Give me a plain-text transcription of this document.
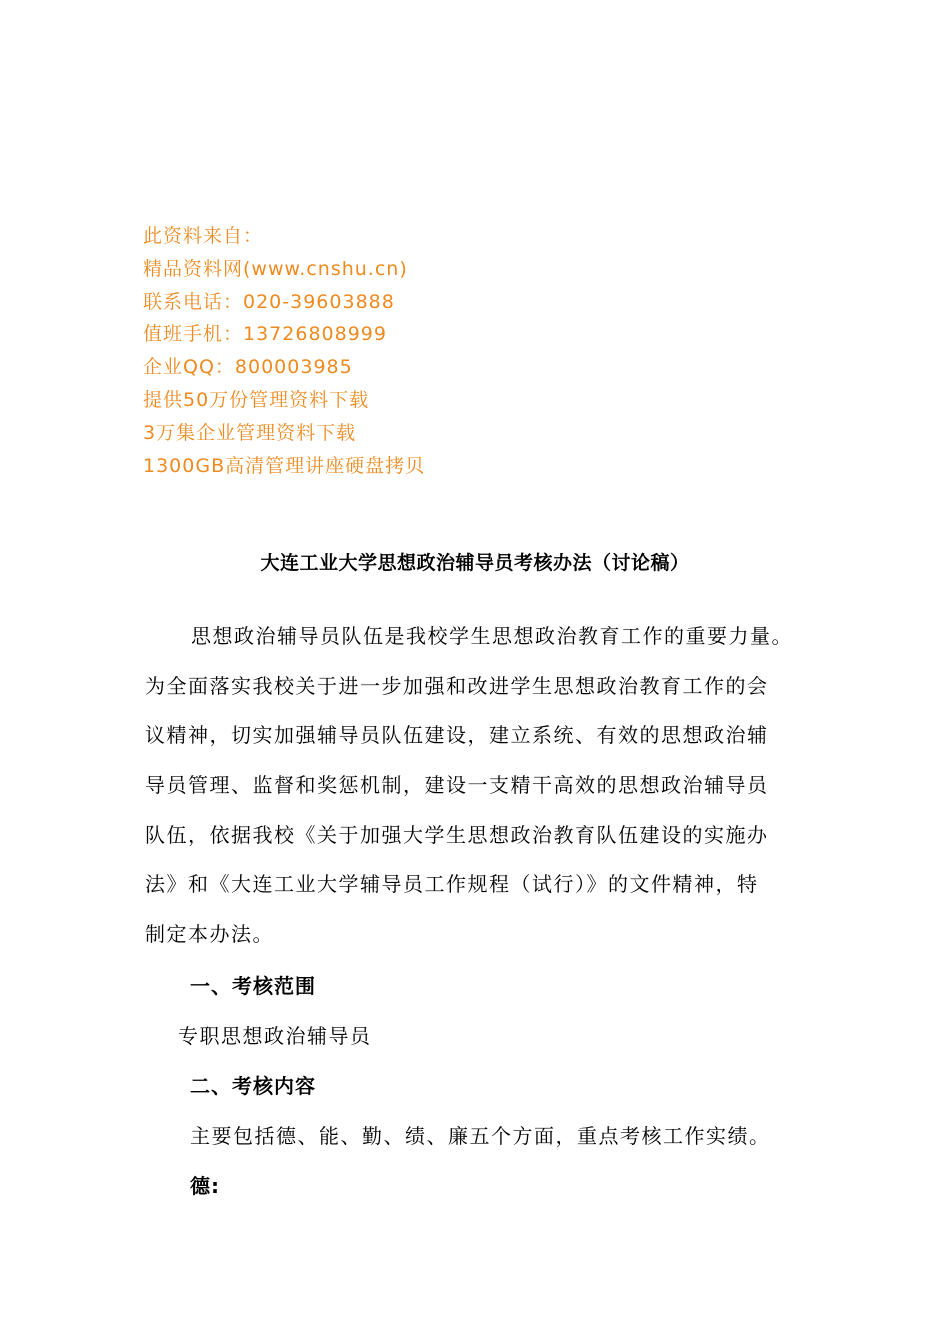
此资料来自：
精品资料网(www.cnshu.cn)
联系电话：020-39603888
值班手机：13726808999
企业QQ：800003985
提供50万份管理资料下载
3万集企业管理资料下载
1300GB高清管理讲座硬盘拷贝
大连工业大学思想政治辅导员考核办法（讨论稿）
思想政治辅导员队伍是我校学生思想政治教育工作的重要力量。
为全面落实我校关于进一步加强和改进学生思想政治教育工作的会
议精神，切实加强辅导员队伍建设，建立系统、有效的思想政治辅
导员管理、监督和奖惩机制，建设一支精干高效的思想政治辅导员
队伍，依据我校《关于加强大学生思想政治教育队伍建设的实施办
法》和《大连工业大学辅导员工作规程（试行）》的文件精神，特
制定本办法。
一、考核范围
专职思想政治辅导员
二、考核内容
主要包括德、能、勤、绩、廉五个方面，重点考核工作实绩。
德:
